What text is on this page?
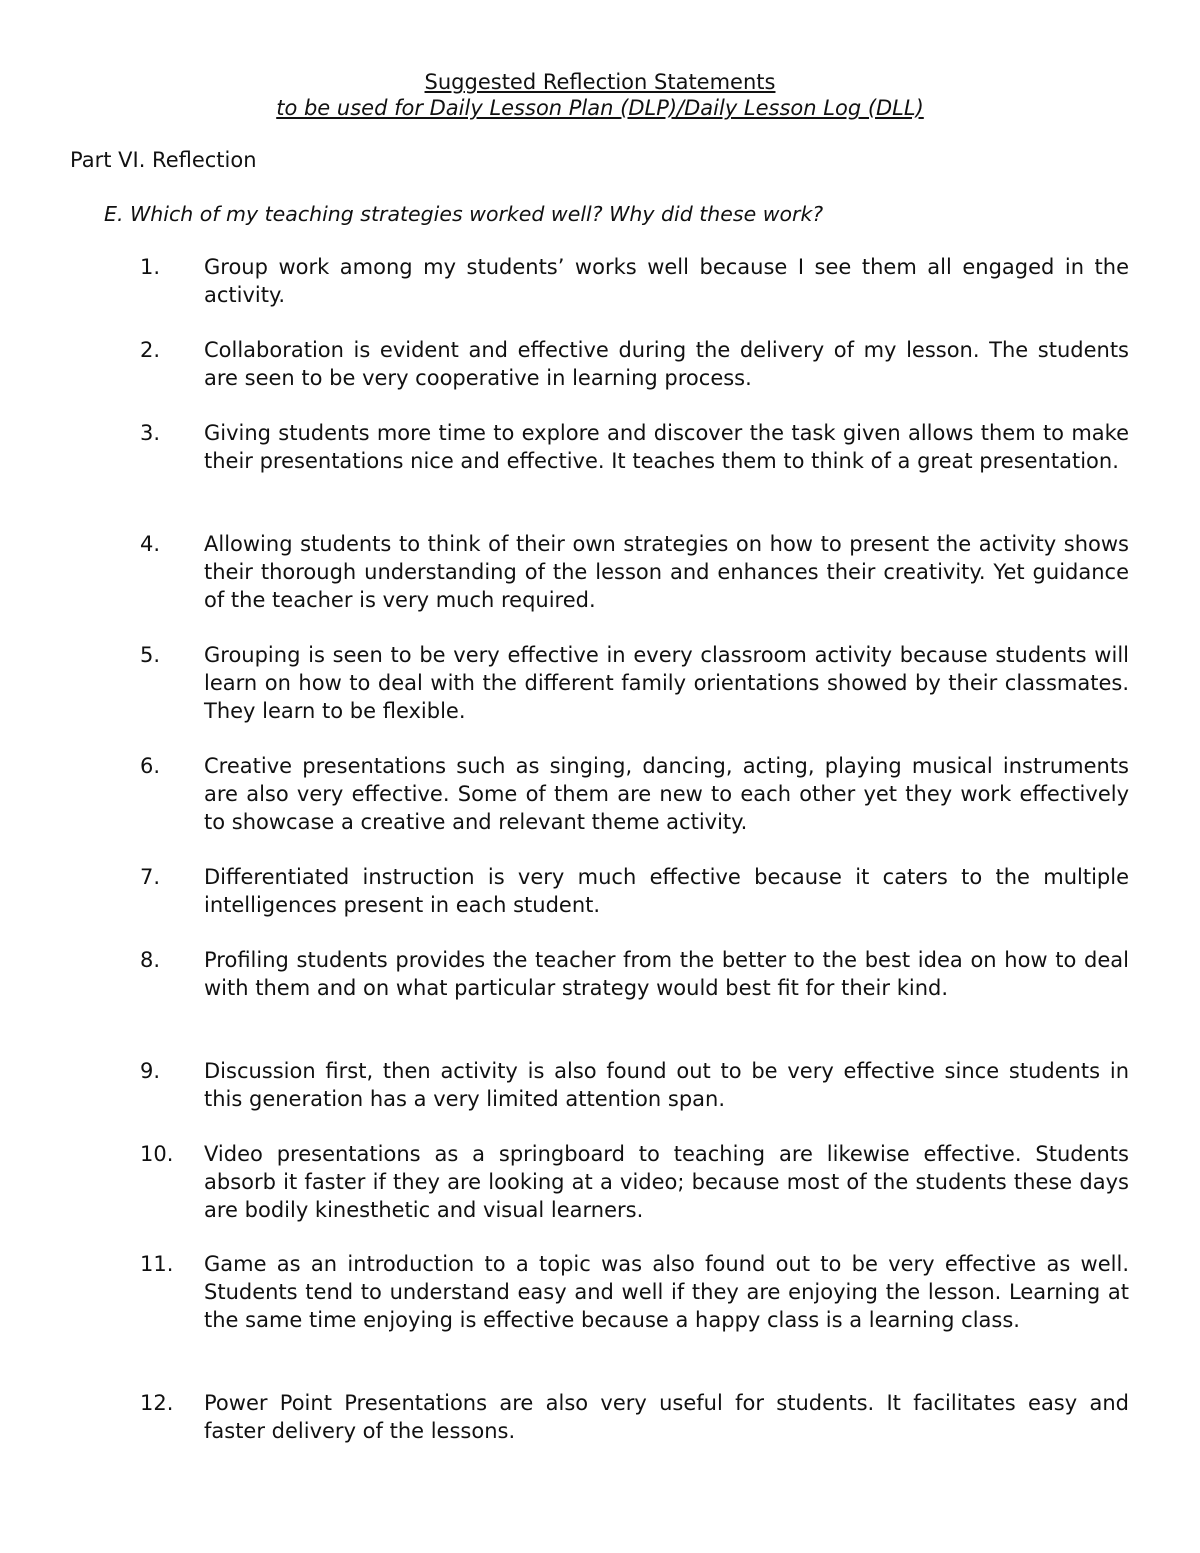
Suggested Reflection Statements
to be used for Daily Lesson Plan (DLP)/Daily Lesson Log (DLL)
Part VI. Reflection
E. Which of my teaching strategies worked well? Why did these work?
1. Group work among my students’ works well because I see them all engaged in the activity.
2. Collaboration is evident and effective during the delivery of my lesson. The students are seen to be very cooperative in learning process.
3. Giving students more time to explore and discover the task given allows them to make their presentations nice and effective. It teaches them to think of a great presentation.
4. Allowing students to think of their own strategies on how to present the activity shows their thorough understanding of the lesson and enhances their creativity. Yet guidance of the teacher is very much required.
5. Grouping is seen to be very effective in every classroom activity because students will learn on how to deal with the different family orientations showed by their classmates. They learn to be flexible.
6. Creative presentations such as singing, dancing, acting, playing musical instruments are also very effective. Some of them are new to each other yet they work effectively to showcase a creative and relevant theme activity.
7. Differentiated instruction is very much effective because it caters to the multiple intelligences present in each student.
8. Profiling students provides the teacher from the better to the best idea on how to deal with them and on what particular strategy would best fit for their kind.
9. Discussion first, then activity is also found out to be very effective since students in this generation has a very limited attention span.
10. Video presentations as a springboard to teaching are likewise effective. Students absorb it faster if they are looking at a video; because most of the students these days are bodily kinesthetic and visual learners.
11. Game as an introduction to a topic was also found out to be very effective as well. Students tend to understand easy and well if they are enjoying the lesson. Learning at the same time enjoying is effective because a happy class is a learning class.
12. Power Point Presentations are also very useful for students. It facilitates easy and faster delivery of the lessons.
